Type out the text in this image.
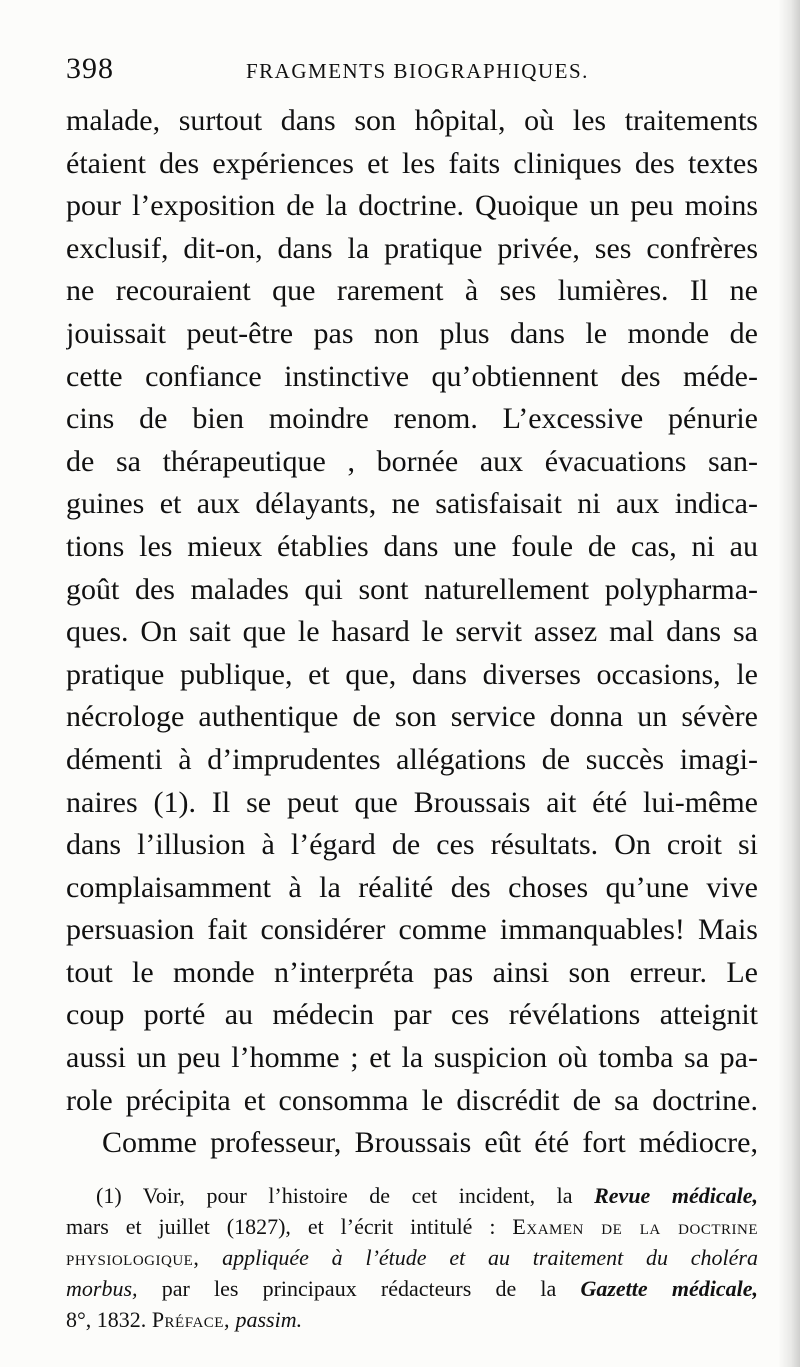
398	FRAGMENTS BIOGRAPHIQUES.
malade, surtout dans son hôpital, où les traitements
étaient des expériences et les faits cliniques des textes
pour l’exposition de la doctrine. Quoique un peu moins
exclusif, dit-on, dans la pratique privée, ses confrères
ne recouraient que rarement à ses lumières. Il ne
jouissait peut-être pas non plus dans le monde de
cette confiance instinctive qu’obtiennent des méde-
cins de bien moindre renom. L’excessive pénurie
de sa thérapeutique , bornée aux évacuations san-
guines et aux délayants, ne satisfaisait ni aux indica-
tions les mieux établies dans une foule de cas, ni au
goût des malades qui sont naturellement polypharma-
ques. On sait que le hasard le servit assez mal dans sa
pratique publique, et que, dans diverses occasions, le
nécrologe authentique de son service donna un sévère
démenti à d’imprudentes allégations de succès imagi-
naires (1). Il se peut que Broussais ait été lui-même
dans l’illusion à l’égard de ces résultats. On croit si
complaisamment à la réalité des choses qu’une vive
persuasion fait considérer comme immanquables! Mais
tout le monde n’interpréta pas ainsi son erreur. Le
coup porté au médecin par ces révélations atteignit
aussi un peu l’homme ; et la suspicion où tomba sa pa-
role précipita et consomma le discrédit de sa doctrine.
Comme professeur, Broussais eût été fort médiocre,
(1) Voir, pour l’histoire de cet incident, la Revue médicale,
mars et juillet (1827), et l’écrit intitulé : Examen de la doctrine
physiologique, appliquée à l’étude et au traitement du choléra
morbus, par les principaux rédacteurs de la Gazette médicale,
8°, 1832. Préface, passim.
